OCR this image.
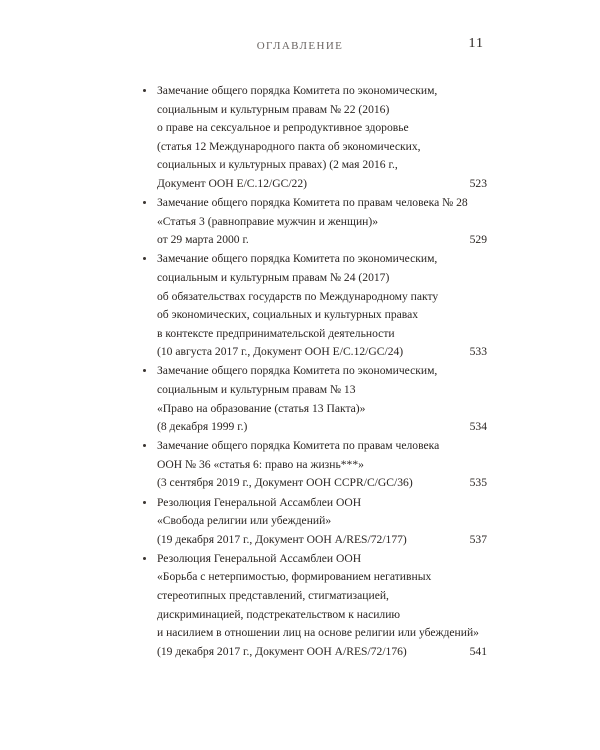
ОГЛАВЛЕНИЕ	11
Замечание общего порядка Комитета по экономическим,
социальным и культурным правам № 22 (2016)
о праве на сексуальное и репродуктивное здоровье
(статья 12 Международного пакта об экономических,
социальных и культурных правах) (2 мая 2016 г.,
Документ ООН E/C.12/GC/22)	523
Замечание общего порядка Комитета по правам человека № 28
«Статья 3 (равноправие мужчин и женщин)»
от 29 марта 2000 г.	529
Замечание общего порядка Комитета по экономическим,
социальным и культурным правам № 24 (2017)
об обязательствах государств по Международному пакту
об экономических, социальных и культурных правах
в контексте предпринимательской деятельности
(10 августа 2017 г., Документ ООН E/C.12/GC/24)	533
Замечание общего порядка Комитета по экономическим,
социальным и культурным правам № 13
«Право на образование (статья 13 Пакта)»
(8 декабря 1999 г.)	534
Замечание общего порядка Комитета по правам человека
ООН № 36 «статья 6: право на жизнь***»
(3 сентября 2019 г., Документ ООН CCPR/C/GC/36)	535
Резолюция Генеральной Ассамблеи ООН
«Свобода религии или убеждений»
(19 декабря 2017 г., Документ ООН A/RES/72/177)	537
Резолюция Генеральной Ассамблеи ООН
«Борьба с нетерпимостью, формированием негативных
стереотипных представлений, стигматизацией,
дискриминацией, подстрекательством к насилию
и насилием в отношении лиц на основе религии или убеждений»
(19 декабря 2017 г., Документ ООН A/RES/72/176)	541
